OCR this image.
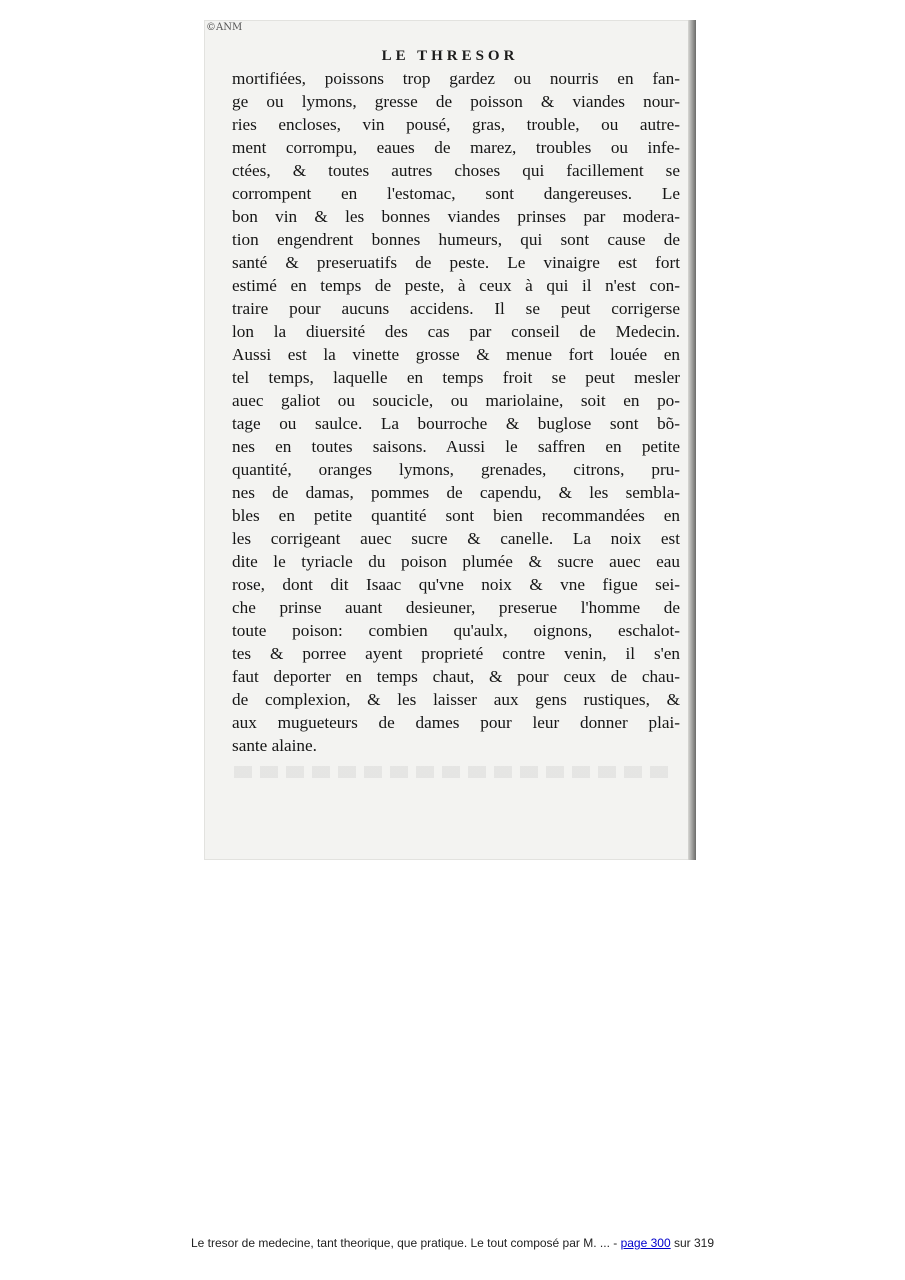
©ANM
LE THRESOR
mortifiées, poissons trop gardez ou nourris en fan-
ge ou lymons, gresse de poisson & viandes nour-
ries encloses, vin pousé, gras, trouble, ou autre-
ment corrompu, eaues de marez, troubles ou infe-
ctées, & toutes autres choses qui facillement se
corrompent en l'estomac, sont dangereuses. Le
bon vin & les bonnes viandes prinses par modera-
tion engendrent bonnes humeurs, qui sont cause de
santé & preseruatifs de peste. Le vinaigre est fort
estimé en temps de peste, à ceux à qui il n'est con-
traire pour aucuns accidens. Il se peut corrigerse
lon la diuersité des cas par conseil de Medecin.
Aussi est la vinette grosse & menue fort louée en
tel temps, laquelle en temps froit se peut mesler
auec galiot ou soucicle, ou mariolaine, soit en po-
tage ou saulce. La bourroche & buglose sont bõ-
nes en toutes saisons. Aussi le saffren en petite
quantité, oranges lymons, grenades, citrons, pru-
nes de damas, pommes de capendu, & les sembla-
bles en petite quantité sont bien recommandées en
les corrigeant auec sucre & canelle. La noix est
dite le tyriacle du poison plumée & sucre auec eau
rose, dont dit Isaac qu'vne noix & vne figue sei-
che prinse auant desieuner, preserue l'homme de
toute poison: combien qu'aulx, oignons, eschalot-
tes & porree ayent proprieté contre venin, il s'en
faut deporter en temps chaut, & pour ceux de chau-
de complexion, & les laisser aux gens rustiques, &
aux mugueteurs de dames pour leur donner plai-
sante alaine.
Le tresor de medecine, tant theorique, que pratique. Le tout composé par M. ... - page 300 sur 319
